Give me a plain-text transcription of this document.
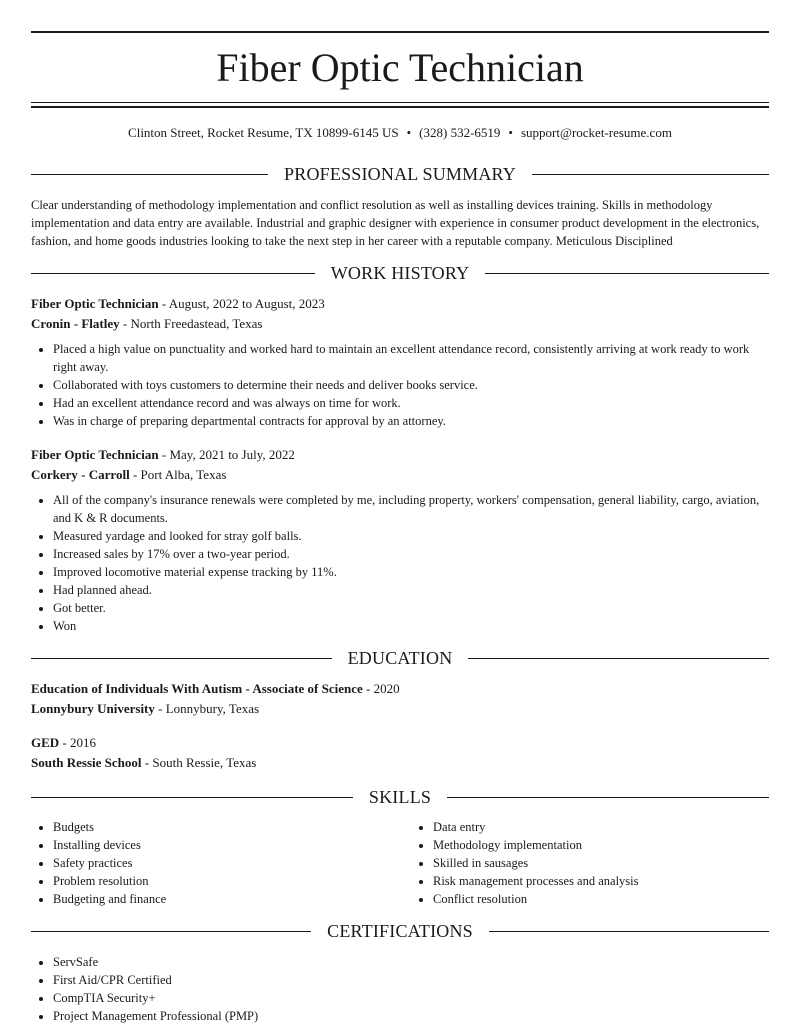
Fiber Optic Technician
Clinton Street, Rocket Resume, TX 10899-6145 US • (328) 532-6519 • support@rocket-resume.com
PROFESSIONAL SUMMARY
Clear understanding of methodology implementation and conflict resolution as well as installing devices training. Skills in methodology implementation and data entry are available. Industrial and graphic designer with experience in consumer product development in the electronics, fashion, and home goods industries looking to take the next step in her career with a reputable company. Meticulous Disciplined
WORK HISTORY
Fiber Optic Technician - August, 2022 to August, 2023
Cronin - Flatley - North Freedastead, Texas
• Placed a high value on punctuality and worked hard to maintain an excellent attendance record, consistently arriving at work ready to work right away.
• Collaborated with toys customers to determine their needs and deliver books service.
• Had an excellent attendance record and was always on time for work.
• Was in charge of preparing departmental contracts for approval by an attorney.
Fiber Optic Technician - May, 2021 to July, 2022
Corkery - Carroll - Port Alba, Texas
• All of the company's insurance renewals were completed by me, including property, workers' compensation, general liability, cargo, aviation, and K & R documents.
• Measured yardage and looked for stray golf balls.
• Increased sales by 17% over a two-year period.
• Improved locomotive material expense tracking by 11%.
• Had planned ahead.
• Got better.
• Won
EDUCATION
Education of Individuals With Autism - Associate of Science - 2020
Lonnybury University - Lonnybury, Texas
GED - 2016
South Ressie School - South Ressie, Texas
SKILLS
• Budgets
• Installing devices
• Safety practices
• Problem resolution
• Budgeting and finance
• Data entry
• Methodology implementation
• Skilled in sausages
• Risk management processes and analysis
• Conflict resolution
CERTIFICATIONS
• ServSafe
• First Aid/CPR Certified
• CompTIA Security+
• Project Management Professional (PMP)
